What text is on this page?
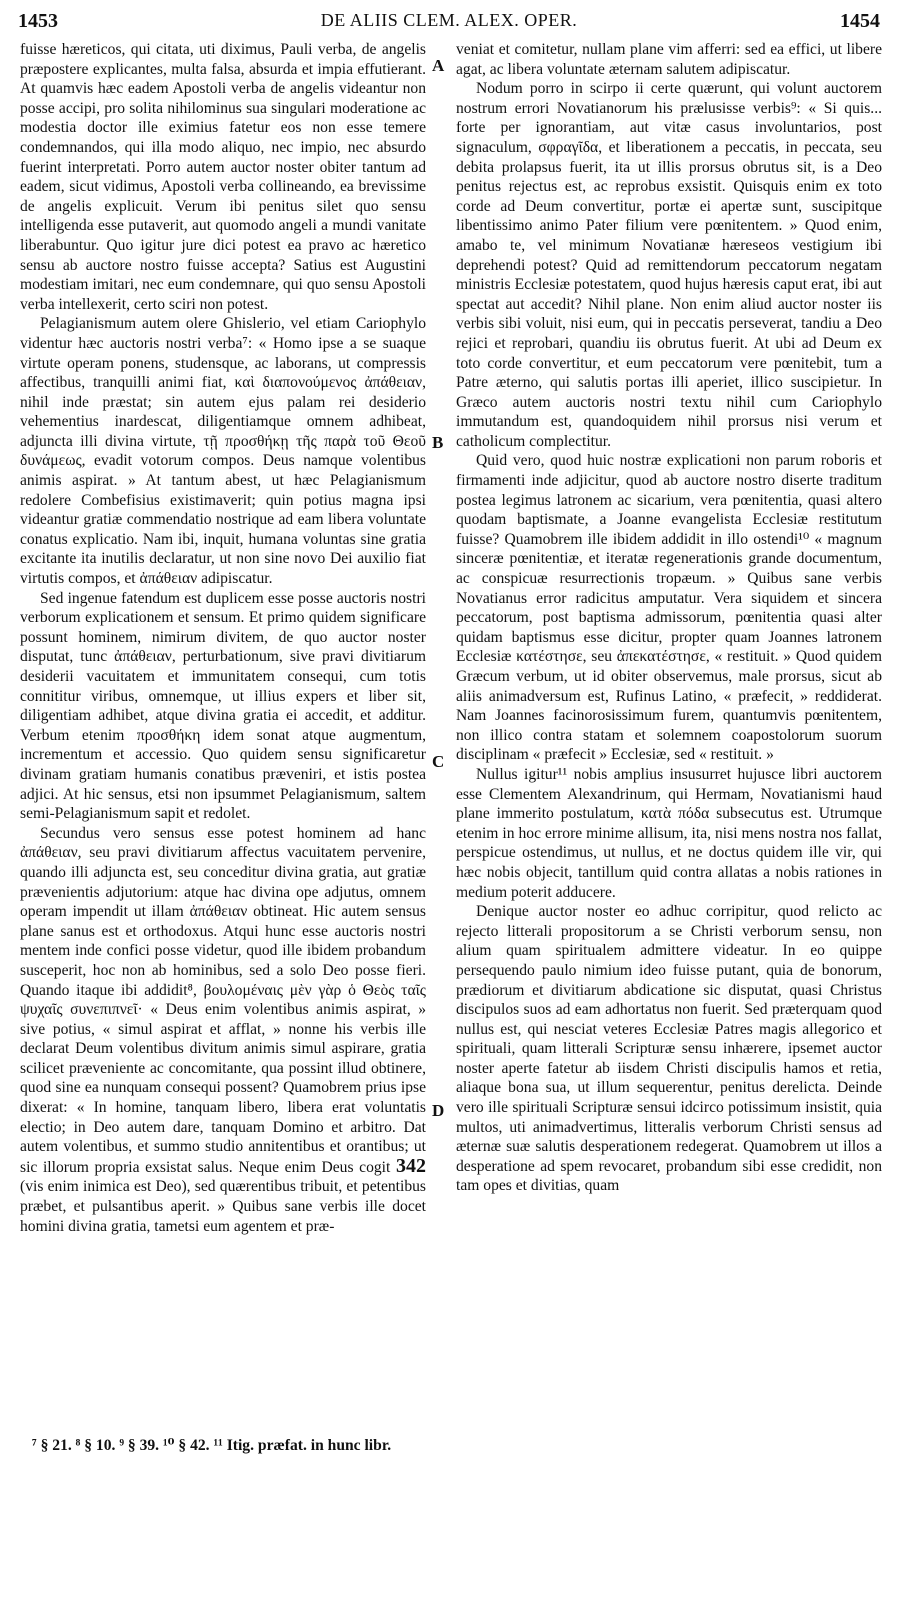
1453	DE ALIIS CLEM. ALEX. OPER.	1454
A
B
C
D

fuisse hæreticos, qui citata, uti diximus, Pauli verba, de angelis præpostere explicantes, multa falsa, absurda et impia effutierant. At quamvis hæc eadem Apostoli verba de angelis videantur non posse accipi, pro solita nihilominus sua singulari moderatione ac modestia doctor ille eximius fatetur eos non esse temere condemnandos, qui illa modo aliquo, nec impio, nec absurdo fuerint interpretati. Porro autem auctor noster obiter tantum ad eadem, sicut vidimus, Apostoli verba collineando, ea brevissime de angelis explicuit. Verum ibi penitus silet quo sensu intelligenda esse putaverit, aut quomodo angeli a mundi vanitate liberabuntur. Quo igitur jure dici potest ea pravo ac hæretico sensu ab auctore nostro fuisse accepta? Satius est Augustini modestiam imitari, nec eum condemnare, qui quo sensu Apostoli verba intellexerit, certo sciri non potest.

Pelagianismum autem olere Ghislerio, vel etiam Cariophylo videntur hæc auctoris nostri verba⁷: « Homo ipse a se suaque virtute operam ponens, studensque, ac laborans, ut compressis affectibus, tranquilli animi fiat, καὶ διαπονούμενος ἀπάθειαν, nihil inde præstat; sin autem ejus palam rei desiderio vehementius inardescat, diligentiamque omnem adhibeat, adjuncta illi divina virtute, τῇ προσθήκῃ τῆς παρὰ τοῦ Θεοῦ δυνάμεως, evadit votorum compos. Deus namque volentibus animis aspirat. » At tantum abest, ut hæc Pelagianismum redolere Combefisius existimaverit; quin potius magna ipsi videantur gratiæ commendatio nostrique ad eam libera voluntate conatus explicatio. Nam ibi, inquit, humana voluntas sine gratia excitante ita inutilis declaratur, ut non sine novo Dei auxilio fiat virtutis compos, et ἀπάθειαν adipiscatur.

Sed ingenue fatendum est duplicem esse posse auctoris nostri verborum explicationem et sensum. Et primo quidem significare possunt hominem, nimirum divitem, de quo auctor noster disputat, tunc ἀπάθειαν, perturbationum, sive pravi divitiarum desiderii vacuitatem et immunitatem consequi, cum totis connititur viribus, omnemque, ut illius expers et liber sit, diligentiam adhibet, atque divina gratia ei accedit, et additur. Verbum etenim προσθήκη idem sonat atque augmentum, incrementum et accessio. Quo quidem sensu significaretur divinam gratiam humanis conatibus præveniri, et istis postea adjici. At hic sensus, etsi non ipsummet Pelagianismum, saltem semi-Pelagianismum sapit et redolet.

Secundus vero sensus esse potest hominem ad hanc ἀπάθειαν, seu pravi divitiarum affectus vacuitatem pervenire, quando illi adjuncta est, seu conceditur divina gratia, aut gratiæ prævenientis adjutorium: atque hac divina ope adjutus, omnem operam impendit ut illam ἀπάθειαν obtineat. Hic autem sensus plane sanus est et orthodoxus. Atqui hunc esse auctoris nostri mentem inde confici posse videtur, quod ille ibidem probandum susceperit, hoc non ab hominibus, sed a solo Deo posse fieri. Quando itaque ibi addidit⁸, βουλομέναις μὲν γὰρ ὁ Θεὸς ταῖς ψυχαῖς συνεπιπνεῖ· « Deus enim volentibus animis aspirat, » sive potius, « simul aspirat et afflat, » nonne his verbis ille declarat Deum volentibus divitum animis simul aspirare, gratia scilicet præveniente ac concomitante, qua possint illud obtinere, quod sine ea nunquam consequi possent? Quamobrem prius ipse dixerat: « In homine, tanquam libero, libera erat voluntatis electio; in Deo autem dare, tanquam Domino et arbitro. Dat autem volentibus, et summo studio annitentibus et orantibus; ut sic illorum propria exsistat salus. Neque enim Deus cogit 342 (vis enim inimica est Deo), sed quærentibus tribuit, et petentibus præbet, et pulsantibus aperit. » Quibus sane verbis ille docet homini divina gratia, tametsi eum agentem et præ-

veniat et comitetur, nullam plane vim afferri: sed ea effici, ut libere agat, ac libera voluntate æternam salutem adipiscatur.

Nodum porro in scirpo ii certe quærunt, qui volunt auctorem nostrum errori Novatianorum his prælusisse verbis⁹: « Si quis... forte per ignorantiam, aut vitæ casus involuntarios, post signaculum, σφραγῖδα, et liberationem a peccatis, in peccata, seu debita prolapsus fuerit, ita ut illis prorsus obrutus sit, is a Deo penitus rejectus est, ac reprobus exsistit. Quisquis enim ex toto corde ad Deum convertitur, portæ ei apertæ sunt, suscipitque libentissimo animo Pater filium vere pœnitentem. » Quod enim, amabo te, vel minimum Novatianæ hæreseos vestigium ibi deprehendi potest? Quid ad remittendorum peccatorum negatam ministris Ecclesiæ potestatem, quod hujus hæresis caput erat, ibi aut spectat aut accedit? Nihil plane. Non enim aliud auctor noster iis verbis sibi voluit, nisi eum, qui in peccatis perseverat, tandiu a Deo rejici et reprobari, quandiu iis obrutus fuerit. At ubi ad Deum ex toto corde convertitur, et eum peccatorum vere pœnitebit, tum a Patre æterno, qui salutis portas illi aperiet, illico suscipietur. In Græco autem auctoris nostri textu nihil cum Cariophylo immutandum est, quandoquidem nihil prorsus nisi verum et catholicum complectitur.

Quid vero, quod huic nostræ explicationi non parum roboris et firmamenti inde adjicitur, quod ab auctore nostro diserte traditum postea legimus latronem ac sicarium, vera pœnitentia, quasi altero quodam baptismate, a Joanne evangelista Ecclesiæ restitutum fuisse? Quamobrem ille ibidem addidit in illo ostendi¹⁰ « magnum sinceræ pœnitentiæ, et iteratæ regenerationis grande documentum, ac conspicuæ resurrectionis tropæum. » Quibus sane verbis Novatianus error radicitus amputatur. Vera siquidem et sincera peccatorum, post baptisma admissorum, pœnitentia quasi alter quidam baptismus esse dicitur, propter quam Joannes latronem Ecclesiæ κατέστησε, seu ἀπεκατέστησε, « restituit. » Quod quidem Græcum verbum, ut id obiter observemus, male prorsus, sicut ab aliis animadversum est, Rufinus Latino, « præfecit, » reddiderat. Nam Joannes facinorosissimum furem, quantumvis pœnitentem, non illico contra statam et solemnem coapostolorum suorum disciplinam « præfecit » Ecclesiæ, sed « restituit. »

Nullus igitur¹¹ nobis amplius insusurret hujusce libri auctorem esse Clementem Alexandrinum, qui Hermam, Novatianismi haud plane immerito postulatum, κατὰ πόδα subsecutus est. Utrumque etenim in hoc errore minime allisum, ita, nisi mens nostra nos fallat, perspicue ostendimus, ut nullus, et ne doctus quidem ille vir, qui hæc nobis objecit, tantillum quid contra allatas a nobis rationes in medium poterit adducere.

Denique auctor noster eo adhuc corripitur, quod relicto ac rejecto litterali propositorum a se Christi verborum sensu, non alium quam spiritualem admittere videatur. In eo quippe persequendo paulo nimium ideo fuisse putant, quia de bonorum, prædiorum et divitiarum abdicatione sic disputat, quasi Christus discipulos suos ad eam adhortatus non fuerit. Sed præterquam quod nullus est, qui nesciat veteres Ecclesiæ Patres magis allegorico et spirituali, quam litterali Scripturæ sensu inhærere, ipsemet auctor noster aperte fatetur ab iisdem Christi discipulis hamos et retia, aliaque bona sua, ut illum sequerentur, penitus derelicta. Deinde vero ille spirituali Scripturæ sensui idcirco potissimum insistit, quia multos, uti animadvertimus, litteralis verborum Christi sensus ad æternæ suæ salutis desperationem redegerat. Quamobrem ut illos a desperatione ad spem revocaret, probandum sibi esse credidit, non tam opes et divitias, quam

⁷ § 21. ⁸ § 10. ⁹ § 39. ¹⁰ § 42. ¹¹ Itig. præfat. in hunc libr.
